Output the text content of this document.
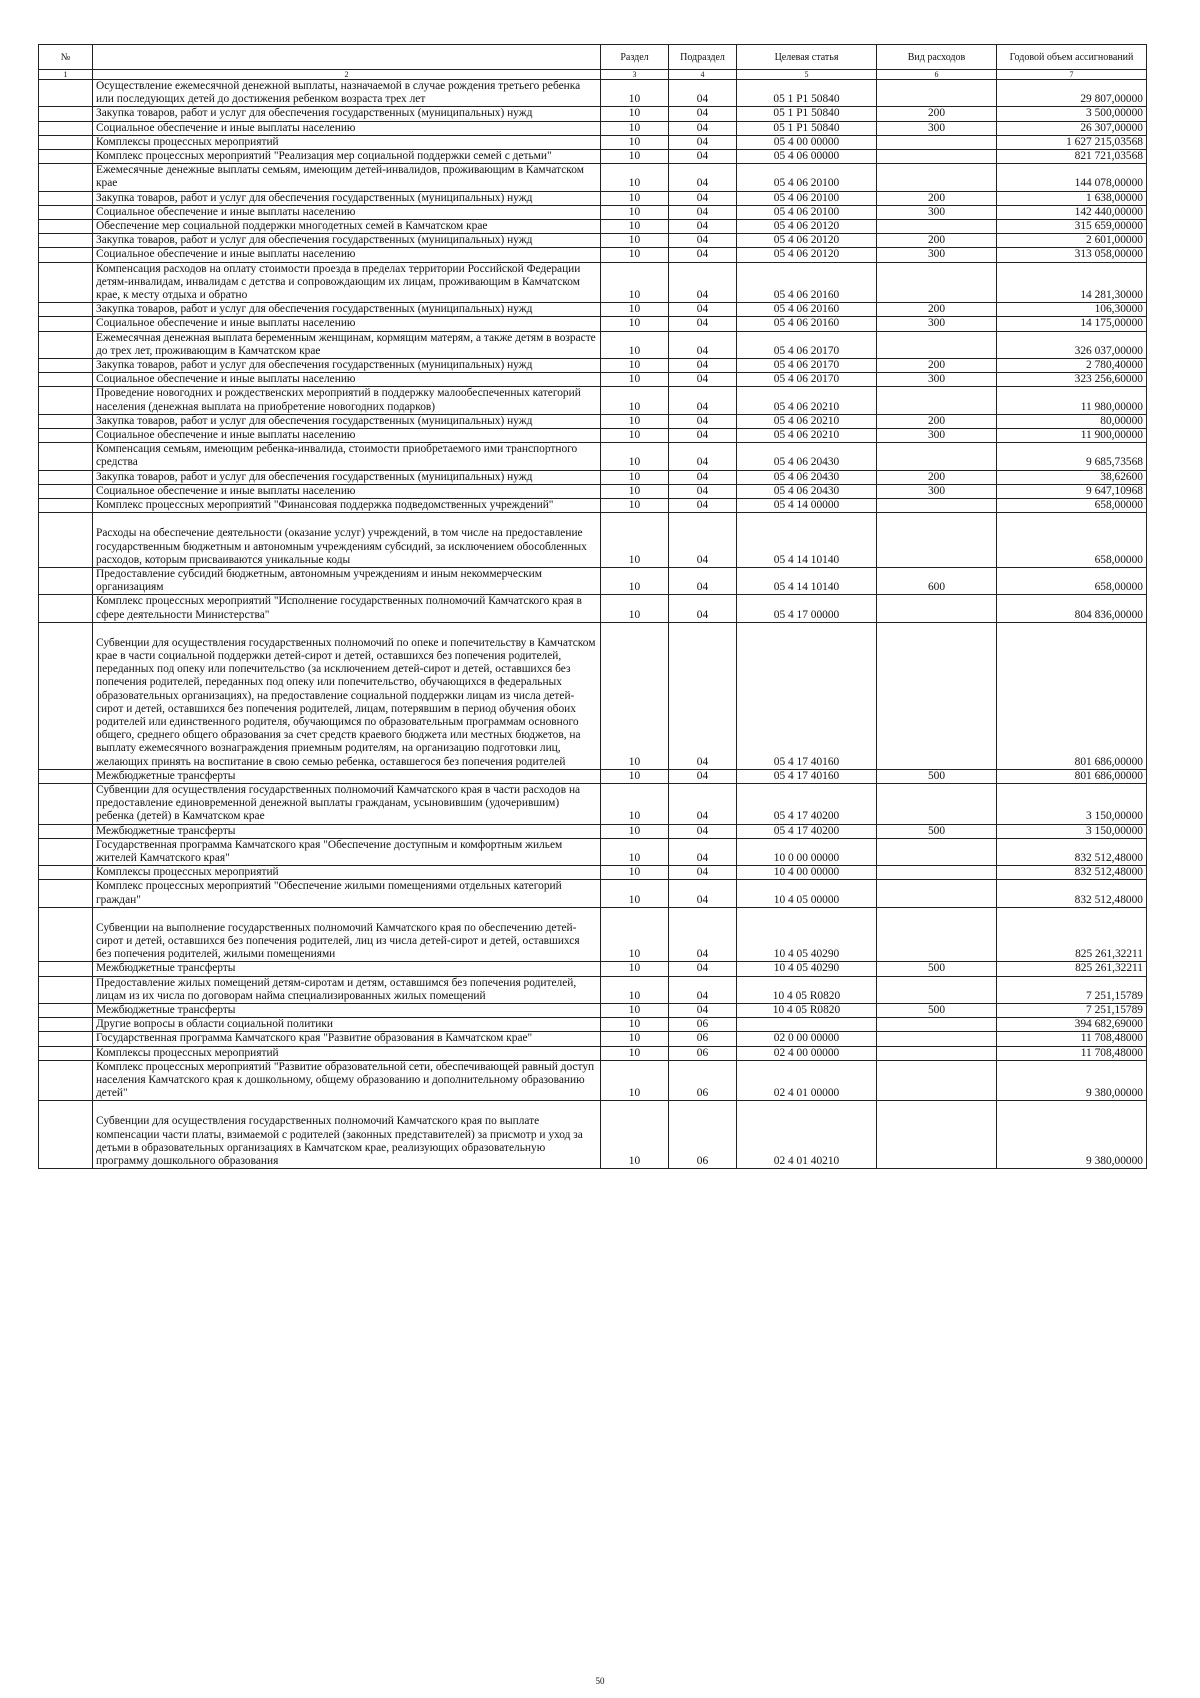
№		Раздел	Подраздел	Целевая статья	Вид расходов	Годовой объем ассигнований
1	2	3	4	5	6	7
	Осуществление ежемесячной денежной выплаты, назначаемой в случае рождения третьего ребенка или последующих детей до достижения ребенком возраста трех лет	10	04	05 1 P1 50840		29 807,00000
	Закупка товаров, работ и услуг для обеспечения государственных (муниципальных) нужд	10	04	05 1 P1 50840	200	3 500,00000
	Социальное обеспечение и иные выплаты населению	10	04	05 1 P1 50840	300	26 307,00000
	Комплексы процессных мероприятий	10	04	05 4 00 00000		1 627 215,03568
	Комплекс процессных мероприятий "Реализация мер социальной поддержки семей с детьми"	10	04	05 4 06 00000		821 721,03568
	Ежемесячные денежные выплаты семьям, имеющим детей-инвалидов, проживающим в Камчатском крае	10	04	05 4 06 20100		144 078,00000
	Закупка товаров, работ и услуг для обеспечения государственных (муниципальных) нужд	10	04	05 4 06 20100	200	1 638,00000
	Социальное обеспечение и иные выплаты населению	10	04	05 4 06 20100	300	142 440,00000
	Обеспечение мер социальной поддержки многодетных семей в Камчатском крае	10	04	05 4 06 20120		315 659,00000
	Закупка товаров, работ и услуг для обеспечения государственных (муниципальных) нужд	10	04	05 4 06 20120	200	2 601,00000
	Социальное обеспечение и иные выплаты населению	10	04	05 4 06 20120	300	313 058,00000
	Компенсация расходов на оплату стоимости проезда в пределах территории Российской Федерации детям-инвалидам, инвалидам с детства и сопровождающим их лицам, проживающим в Камчатском крае, к месту отдыха и обратно	10	04	05 4 06 20160		14 281,30000
	Закупка товаров, работ и услуг для обеспечения государственных (муниципальных) нужд	10	04	05 4 06 20160	200	106,30000
	Социальное обеспечение и иные выплаты населению	10	04	05 4 06 20160	300	14 175,00000
	Ежемесячная денежная выплата беременным женщинам, кормящим матерям, а также детям в возрасте до трех лет, проживающим в Камчатском крае	10	04	05 4 06 20170		326 037,00000
	Закупка товаров, работ и услуг для обеспечения государственных (муниципальных) нужд	10	04	05 4 06 20170	200	2 780,40000
	Социальное обеспечение и иные выплаты населению	10	04	05 4 06 20170	300	323 256,60000
	Проведение новогодних и рождественских мероприятий в поддержку малообеспеченных категорий населения (денежная выплата на приобретение новогодних подарков)	10	04	05 4 06 20210		11 980,00000
	Закупка товаров, работ и услуг для обеспечения государственных (муниципальных) нужд	10	04	05 4 06 20210	200	80,00000
	Социальное обеспечение и иные выплаты населению	10	04	05 4 06 20210	300	11 900,00000
	Компенсация семьям, имеющим ребенка-инвалида, стоимости приобретаемого ими транспортного средства	10	04	05 4 06 20430		9 685,73568
	Закупка товаров, работ и услуг для обеспечения государственных (муниципальных) нужд	10	04	05 4 06 20430	200	38,62600
	Социальное обеспечение и иные выплаты населению	10	04	05 4 06 20430	300	9 647,10968
	Комплекс процессных мероприятий "Финансовая поддержка подведомственных учреждений"	10	04	05 4 14 00000		658,00000
	Расходы на обеспечение деятельности (оказание услуг) учреждений, в том числе на предоставление государственным бюджетным и автономным учреждениям субсидий, за исключением обособленных расходов, которым присваиваются уникальные коды	10	04	05 4 14 10140		658,00000
	Предоставление субсидий бюджетным, автономным учреждениям и иным некоммерческим организациям	10	04	05 4 14 10140	600	658,00000
	Комплекс процессных мероприятий "Исполнение государственных полномочий Камчатского края в сфере деятельности Министерства"	10	04	05 4 17 00000		804 836,00000
	Субвенции для осуществления государственных полномочий по опеке и попечительству в Камчатском крае в части социальной поддержки детей-сирот и детей, оставшихся без попечения родителей, переданных под опеку или попечительство (за исключением детей-сирот и детей, оставшихся без попечения родителей, переданных под опеку или попечительство, обучающихся в федеральных образовательных организациях), на предоставление социальной поддержки лицам из числа детей-сирот и детей, оставшихся без попечения родителей, лицам, потерявшим в период обучения обоих родителей или единственного родителя, обучающимся по образовательным программам основного общего, среднего общего образования за счет средств краевого бюджета или местных бюджетов, на выплату ежемесячного вознаграждения приемным родителям, на организацию подготовки лиц, желающих принять на воспитание в свою семью ребенка, оставшегося без попечения родителей	10	04	05 4 17 40160		801 686,00000
	Межбюджетные трансферты	10	04	05 4 17 40160	500	801 686,00000
	Субвенции для осуществления государственных полномочий Камчатского края в части расходов на предоставление единовременной денежной выплаты гражданам, усыновившим (удочерившим) ребенка (детей) в Камчатском крае	10	04	05 4 17 40200		3 150,00000
	Межбюджетные трансферты	10	04	05 4 17 40200	500	3 150,00000
	Государственная программа Камчатского края "Обеспечение доступным и комфортным жильем жителей Камчатского края"	10	04	10 0 00 00000		832 512,48000
	Комплексы процессных мероприятий	10	04	10 4 00 00000		832 512,48000
	Комплекс процессных мероприятий "Обеспечение жилыми помещениями отдельных категорий граждан"	10	04	10 4 05 00000		832 512,48000
	Субвенции на выполнение государственных полномочий Камчатского края по обеспечению детей-сирот и детей, оставшихся без попечения родителей, лиц из числа детей-сирот и детей, оставшихся без попечения родителей, жилыми помещениями	10	04	10 4 05 40290		825 261,32211
	Межбюджетные трансферты	10	04	10 4 05 40290	500	825 261,32211
	Предоставление жилых помещений детям-сиротам и детям, оставшимся без попечения родителей, лицам из их числа по договорам найма специализированных жилых помещений	10	04	10 4 05 R0820		7 251,15789
	Межбюджетные трансферты	10	04	10 4 05 R0820	500	7 251,15789
	Другие вопросы в области социальной политики	10	06			394 682,69000
	Государственная программа Камчатского края "Развитие образования в Камчатском крае"	10	06	02 0 00 00000		11 708,48000
	Комплексы процессных мероприятий	10	06	02 4 00 00000		11 708,48000
	Комплекс процессных мероприятий "Развитие образовательной сети, обеспечивающей равный доступ населения Камчатского края к дошкольному, общему образованию и дополнительному образованию детей"	10	06	02 4 01 00000		9 380,00000
	Субвенции для осуществления государственных полномочий Камчатского края по выплате компенсации части платы, взимаемой с родителей (законных представителей) за присмотр и уход за детьми в образовательных организациях в Камчатском крае, реализующих образовательную программу дошкольного образования	10	06	02 4 01 40210		9 380,00000
50
